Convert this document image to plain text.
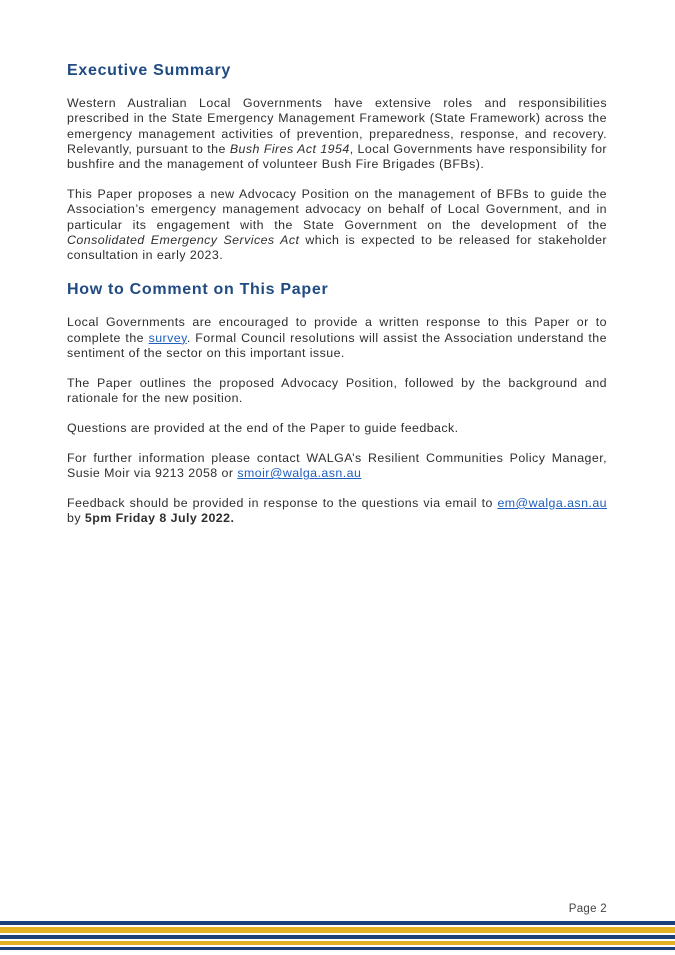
Executive Summary

Western Australian Local Governments have extensive roles and responsibilities prescribed in the State Emergency Management Framework (State Framework) across the emergency management activities of prevention, preparedness, response, and recovery. Relevantly, pursuant to the Bush Fires Act 1954, Local Governments have responsibility for bushfire and the management of volunteer Bush Fire Brigades (BFBs).

This Paper proposes a new Advocacy Position on the management of BFBs to guide the Association’s emergency management advocacy on behalf of Local Government, and in particular its engagement with the State Government on the development of the Consolidated Emergency Services Act which is expected to be released for stakeholder consultation in early 2023.

How to Comment on This Paper

Local Governments are encouraged to provide a written response to this Paper or to complete the survey. Formal Council resolutions will assist the Association understand the sentiment of the sector on this important issue.

The Paper outlines the proposed Advocacy Position, followed by the background and rationale for the new position.

Questions are provided at the end of the Paper to guide feedback.

For further information please contact WALGA’s Resilient Communities Policy Manager, Susie Moir via 9213 2058 or smoir@walga.asn.au

Feedback should be provided in response to the questions via email to em@walga.asn.au by 5pm Friday 8 July 2022.

Page 2
